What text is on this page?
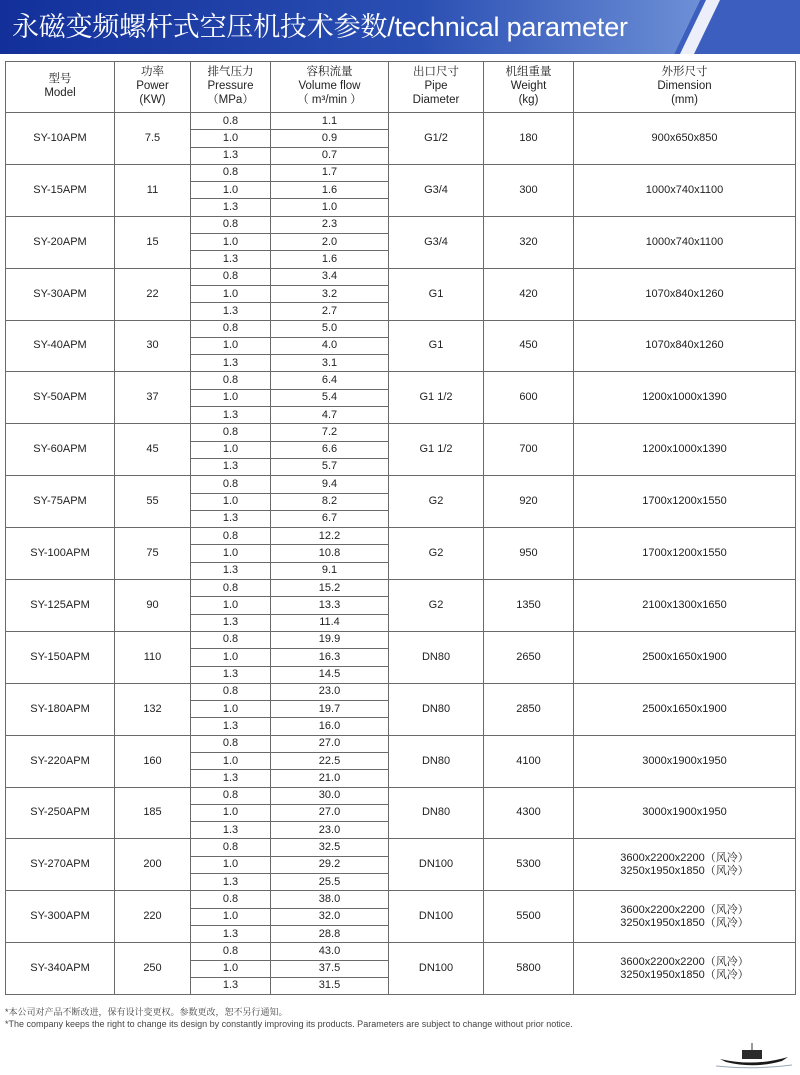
永磁变频螺杆式空压机技术参数/technical parameter
型号
Model	功率
Power
(KW)	排气压力
Pressure
（MPa）	容积流量
Volume flow
（ m³/min ）	出口尺寸
Pipe
Diameter	机组重量
Weight
(kg)	外形尺寸
Dimension
(mm)

SY-10APM	7.5	0.8	1.1	G1/2	180	900x650x850

		1.0	0.9			
		1.3	0.7			
SY-15APM	11	0.8	1.7	G3/4	300	1000x740x1100

		1.0	1.6			
		1.3	1.0			
SY-20APM	15	0.8	2.3	G3/4	320	1000x740x1100

		1.0	2.0			
		1.3	1.6			
SY-30APM	22	0.8	3.4	G1	420	1070x840x1260

		1.0	3.2			
		1.3	2.7			
SY-40APM	30	0.8	5.0	G1	450	1070x840x1260

		1.0	4.0			
		1.3	3.1			
SY-50APM	37	0.8	6.4	G1 1/2	600	1200x1000x1390

		1.0	5.4			
		1.3	4.7			
SY-60APM	45	0.8	7.2	G1 1/2	700	1200x1000x1390

		1.0	6.6			
		1.3	5.7			
SY-75APM	55	0.8	9.4	G2	920	1700x1200x1550

		1.0	8.2			
		1.3	6.7			
SY-100APM	75	0.8	12.2	G2	950	1700x1200x1550

		1.0	10.8			
		1.3	9.1			
SY-125APM	90	0.8	15.2	G2	1350	2100x1300x1650

		1.0	13.3			
		1.3	11.4			
SY-150APM	110	0.8	19.9	DN80	2650	2500x1650x1900

		1.0	16.3			
		1.3	14.5			
SY-180APM	132	0.8	23.0	DN80	2850	2500x1650x1900

		1.0	19.7			
		1.3	16.0			
SY-220APM	160	0.8	27.0	DN80	4100	3000x1900x1950

		1.0	22.5			
		1.3	21.0			
SY-250APM	185	0.8	30.0	DN80	4300	3000x1900x1950

		1.0	27.0			
		1.3	23.0			
SY-270APM	200	0.8	32.5	DN100	5300	3600x2200x2200（风冷）
3250x1950x1850（风冷）

		1.0	29.2			
		1.3	25.5			
SY-300APM	220	0.8	38.0	DN100	5500	3600x2200x2200（风冷）
3250x1950x1850（风冷）

		1.0	32.0			
		1.3	28.8			
SY-340APM	250	0.8	43.0	DN100	5800	3600x2200x2200（风冷）
3250x1950x1850（风冷）

		1.0	37.5			
		1.3	31.5			
*本公司对产品不断改进，保有设计变更权。参数更改，恕不另行通知。
*The company keeps the right to change its design by constantly improving its products. Parameters are subject to change without prior notice.
